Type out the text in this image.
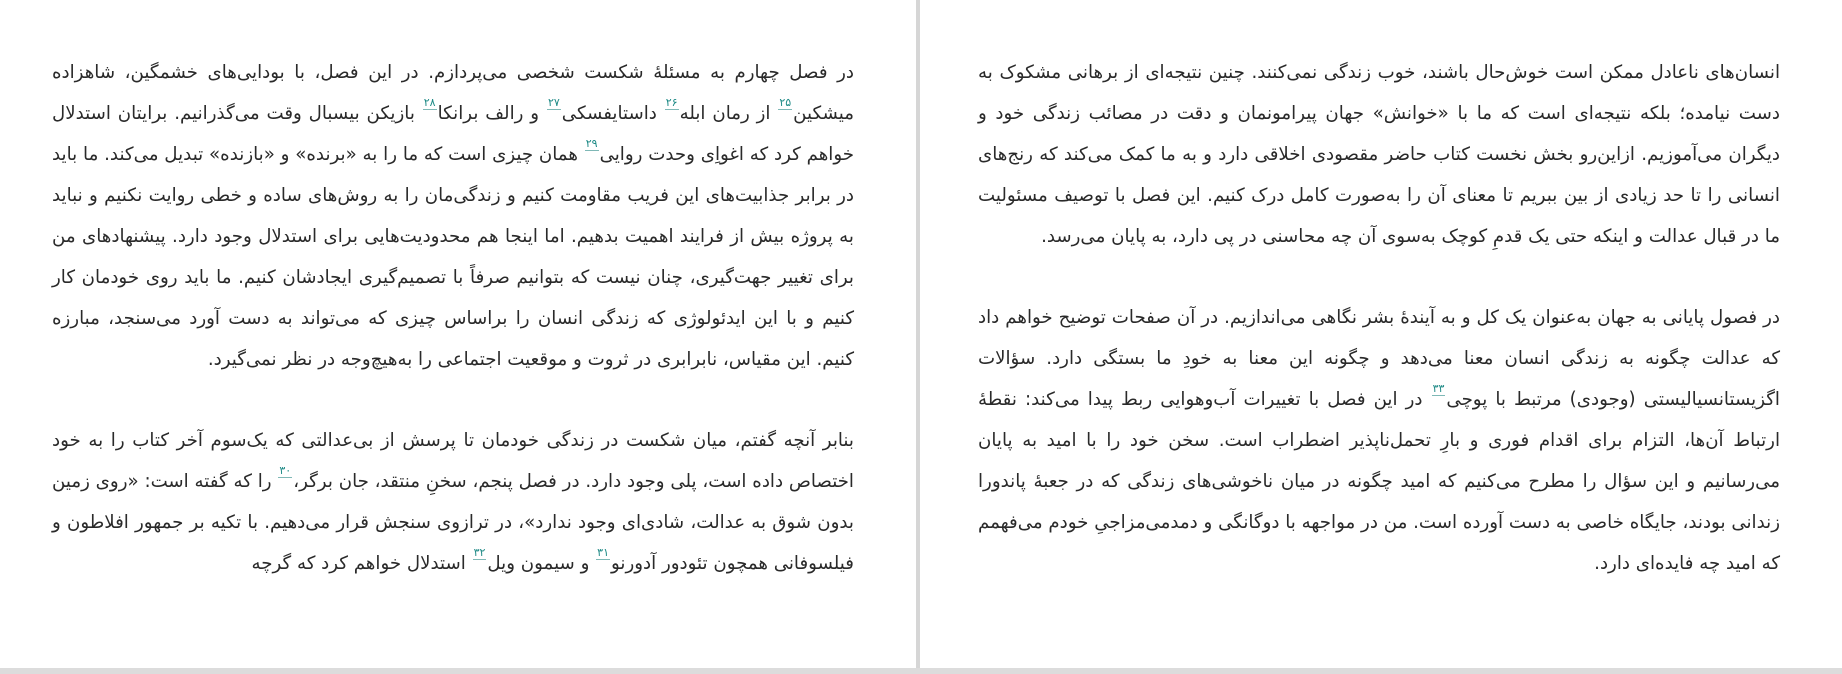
در فصل چهارم به مسئلهٔ شکست شخصی می‌پردازم. در این فصل، با بودایی‌های خشمگین، شاهزاده میشکین۲۵ از رمان ابله۲۶ داستایفسکی۲۷ و رالف برانکا۲۸ بازیکن بیسبال وقت می‌گذرانیم. برایتان استدلال خواهم کرد که اغواِی وحدت روایی۲۹ همان چیزی است که ما را به «برنده» و «بازنده» تبدیل می‌کند. ما باید در برابر جذابیت‌های این فریب مقاومت کنیم و زندگی‌مان را به روش‌های ساده و خطی روایت نکنیم و نباید به پروژه بیش از فرایند اهمیت بدهیم. اما اینجا هم محدودیت‌هایی برای استدلال وجود دارد. پیشنهادهای من برای تغییر جهت‌گیری، چنان نیست که بتوانیم صرفاً با تصمیم‌گیری ایجادشان کنیم. ما باید روی خودمان کار کنیم و با این ایدئولوژی که زندگی انسان را براساس چیزی که می‌تواند به دست آورد می‌سنجد، مبارزه کنیم. این مقیاس، نابرابری در ثروت و موقعیت اجتماعی را به‌هیچ‌وجه در نظر نمی‌گیرد.

بنابر آنچه گفتم، میان شکست در زندگی خودمان تا پرسش از بی‌عدالتی که یک‌سوم آخر کتاب را به خود اختصاص داده است، پلی وجود دارد. در فصل پنجم، سخنِ منتقد، جان برگر،۳۰ را که گفته است: «روی زمین بدون شوق به عدالت، شادی‌ای وجود ندارد»، در ترازوی سنجش قرار می‌دهیم. با تکیه بر جمهور افلاطون و فیلسوفانی همچون تئودور آدورنو۳۱ و سیمون ویل۳۲ استدلال خواهم کرد که گرچه

انسان‌های ناعادل ممکن است خوش‌حال باشند، خوب زندگی نمی‌کنند. چنین نتیجه‌ای از برهانی مشکوک به دست نیامده؛ بلکه نتیجه‌ای است که ما با «خوانش» جهان پیرامونمان و دقت در مصائب زندگی خود و دیگران می‌آموزیم. ازاین‌رو بخش نخست کتاب حاضر مقصودی اخلاقی دارد و به ما کمک می‌کند که رنج‌های انسانی را تا حد زیادی از بین ببریم تا معنای آن را به‌صورت کامل درک کنیم. این فصل با توصیف مسئولیت ما در قبال عدالت و اینکه حتی یک قدمِ کوچک به‌سوی آن چه محاسنی در پی دارد، به پایان می‌رسد.

در فصول پایانی به جهان به‌عنوان یک کل و به آیندهٔ بشر نگاهی می‌اندازیم. در آن صفحات توضیح خواهم داد که عدالت چگونه به زندگی انسان معنا می‌دهد و چگونه این معنا به خودِ ما بستگی دارد. سؤالات اگزیستانسیالیستی (وجودی) مرتبط با پوچی۳۳ در این فصل با تغییرات آب‌وهوایی ربط پیدا می‌کند: نقطهٔ ارتباط آن‌ها، التزام برای اقدام فوری و بارِ تحمل‌ناپذیر اضطراب است. سخن خود را با امید به پایان می‌رسانیم و این سؤال را مطرح می‌کنیم که امید چگونه در میان ناخوشی‌های زندگی که در جعبهٔ پاندورا زندانی بودند، جایگاه خاصی به دست آورده است. من در مواجهه با دوگانگی و دمدمی‌مزاجیِ خودم می‌فهمم که امید چه فایده‌ای دارد.
